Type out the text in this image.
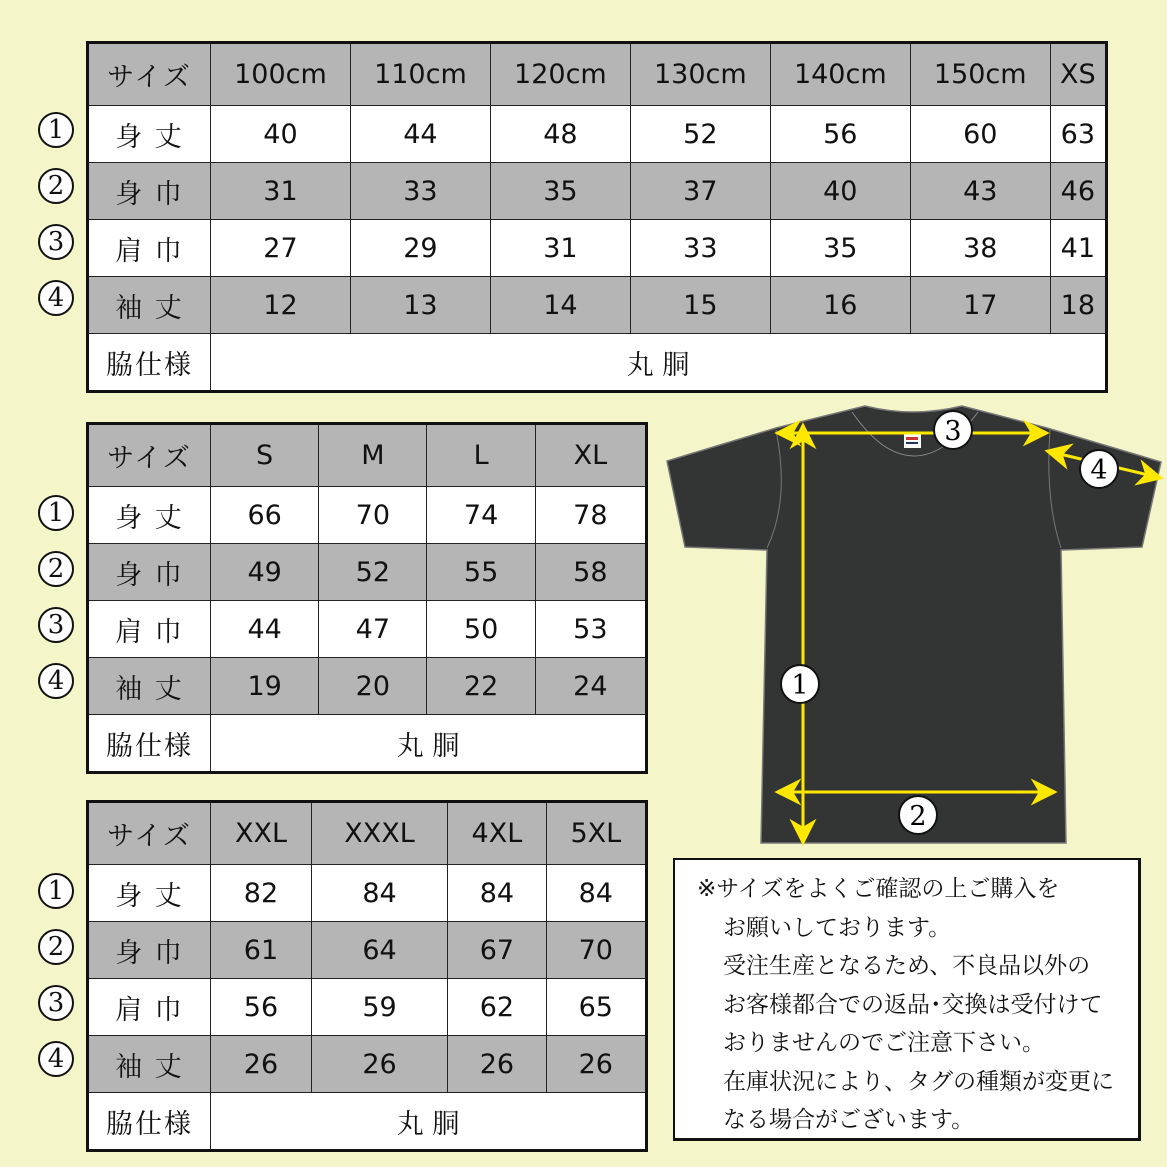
サイズ	100cm	110cm	120cm	130cm	140cm	150cm	XS
身 丈	40	44	48	52	56	60	63
身 巾	31	33	35	37	40	43	46
肩 巾	27	29	31	33	35	38	41
袖 丈	12	13	14	15	16	17	18
脇仕様	丸 胴						
サイズ	S	M	L	XL
身 丈	66	70	74	78
身 巾	49	52	55	58
肩 巾	44	47	50	53
袖 丈	19	20	22	24
脇仕様	丸 胴			
サイズ	XXL	XXXL	4XL	5XL
身 丈	82	84	84	84
身 巾	61	64	67	70
肩 巾	56	59	62	65
袖 丈	26	26	26	26
脇仕様	丸 胴			
1
2
3
4
1
2
3
4
1
2
3
4
3
1
2
4
※サイズをよくご確認の上ご購入を
お願いしております。
受注生産となるため、不良品以外の
お客様都合での返品･交換は受付けて
おりませんのでご注意下さい。
在庫状況により、タグの種類が変更に
なる場合がございます。
